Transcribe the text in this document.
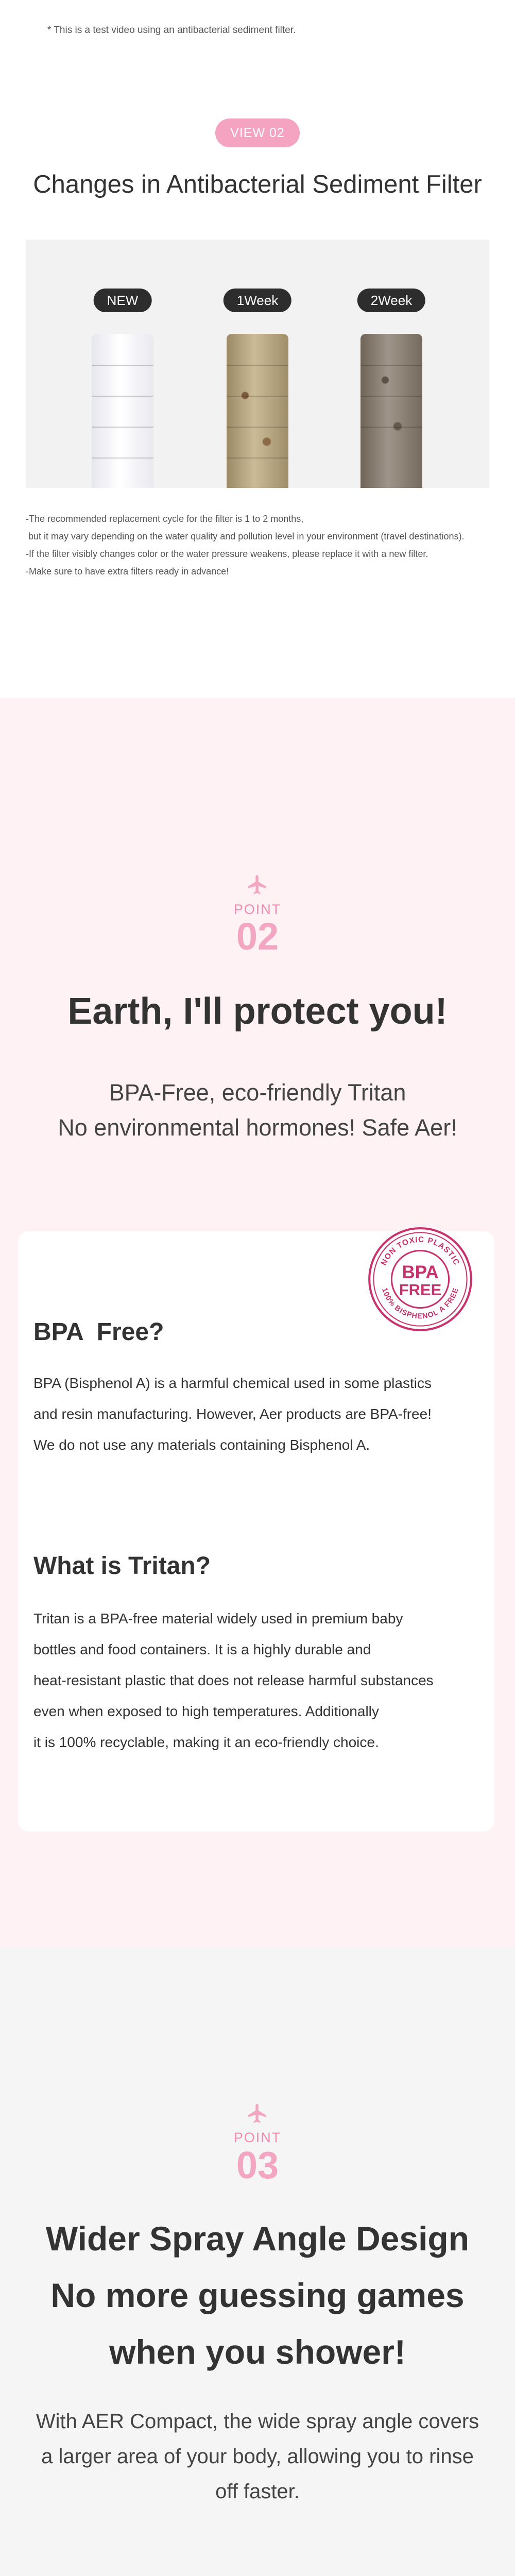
* This is a test video using an antibacterial sediment filter.
VIEW 02
Changes in Antibacterial Sediment Filter
NEW	1Week	2Week
-The recommended replacement cycle for the filter is 1 to 2 months,
but it may vary depending on the water quality and pollution level in your environment (travel destinations).
-If the filter visibly changes color or the water pressure weakens, please replace it with a new filter.
-Make sure to have extra filters ready in advance!
POINT
02
Earth, I'll protect you!
BPA-Free, eco-friendly Tritan
No environmental hormones! Safe Aer!
POINT
03
Wider Spray Angle Design
No more guessing games
when you shower!
With AER Compact, the wide spray angle covers
a larger area of your body, allowing you to rinse
off faster.
NON TOXIC PLASTIC
100% BISPHENOL A FREE
BPA
FREE
BPA  Free?
BPA (Bisphenol A) is a harmful chemical used in some plastics
and resin manufacturing. However, Aer products are BPA-free!
We do not use any materials containing Bisphenol A.
What is Tritan?
Tritan is a BPA-free material widely used in premium baby
bottles and food containers. It is a highly durable and
heat-resistant plastic that does not release harmful substances
even when exposed to high temperatures. Additionally
it is 100% recyclable, making it an eco-friendly choice.
